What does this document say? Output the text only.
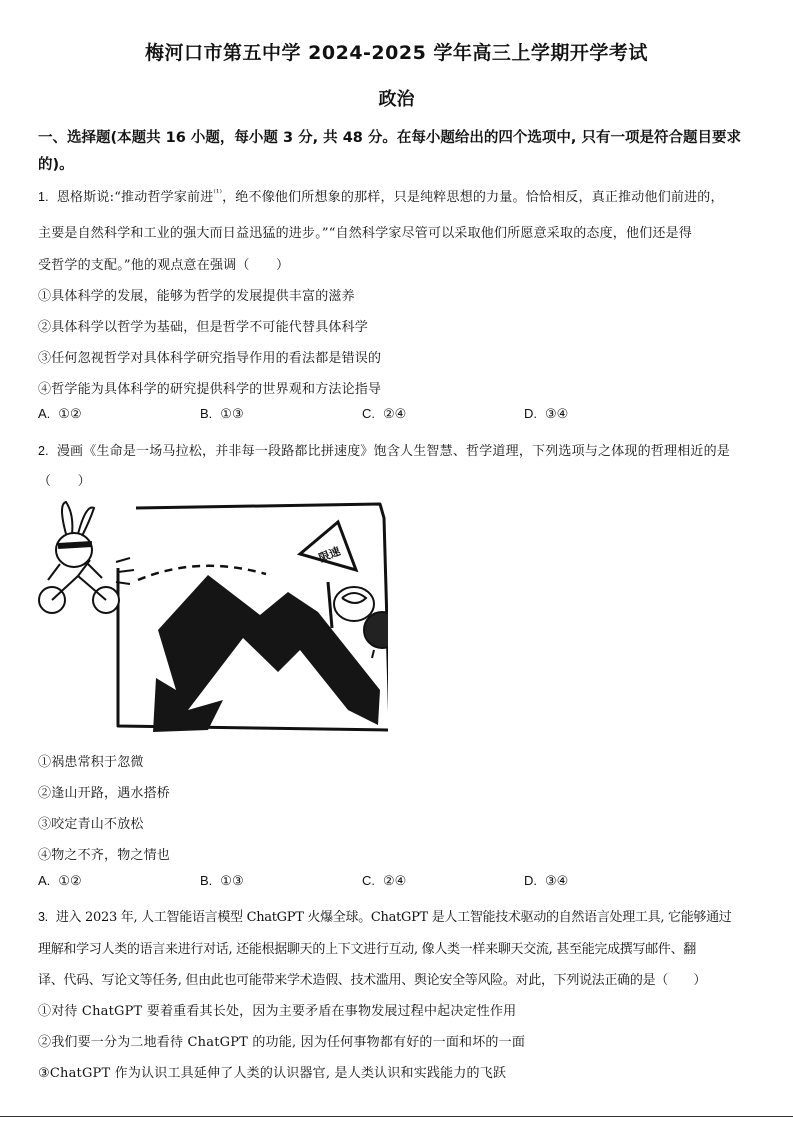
梅河口市第五中学 2024-2025 学年高三上学期开学考试
政治
一、选择题(本题共 16 小题，每小题 3 分, 共 48 分。在每小题给出的四个选项中, 只有一项是符合题目要求的)。
1. 恩格斯说:“推动哲学家前进$^{^{(1)}}$，绝不像他们所想象的那样，只是纯粹思想的力量。恰恰相反，真正推动他们前进的，
主要是自然科学和工业的强大而日益迅猛的进步。”“自然科学家尽管可以采取他们所愿意采取的态度，他们还是得
受哲学的支配。”他的观点意在强调（　　）
①具体科学的发展，能够为哲学的发展提供丰富的滋养
②具体科学以哲学为基础，但是哲学不可能代替具体科学
③任何忽视哲学对具体科学研究指导作用的看法都是错误的
④哲学能为具体科学的研究提供科学的世界观和方法论指导
A. ①②	B. ①③	C. ②④	D. ③④
2. 漫画《生命是一场马拉松，并非每一段路都比拼速度》饱含人生智慧、哲学道理，下列选项与之体现的哲理相近的是
（　　）
限速
①祸患常积于忽微
②逢山开路，遇水搭桥
③咬定青山不放松
④物之不齐，物之情也
A. ①②	B. ①③	C. ②④	D. ③④
3. 进入 2023 年, 人工智能语言模型 ChatGPT 火爆全球。ChatGPT 是人工智能技术驱动的自然语言处理工具, 它能够通过
理解和学习人类的语言来进行对话, 还能根据聊天的上下文进行互动, 像人类一样来聊天交流, 甚至能完成撰写邮件、翻
译、代码、写论文等任务, 但由此也可能带来学术造假、技术滥用、舆论安全等风险。对此，下列说法正确的是（　　）
①对待 ChatGPT 要着重看其长处，因为主要矛盾在事物发展过程中起决定性作用
②我们要一分为二地看待 ChatGPT 的功能, 因为任何事物都有好的一面和坏的一面
③ChatGPT 作为认识工具延伸了人类的认识器官, 是人类认识和实践能力的飞跃
